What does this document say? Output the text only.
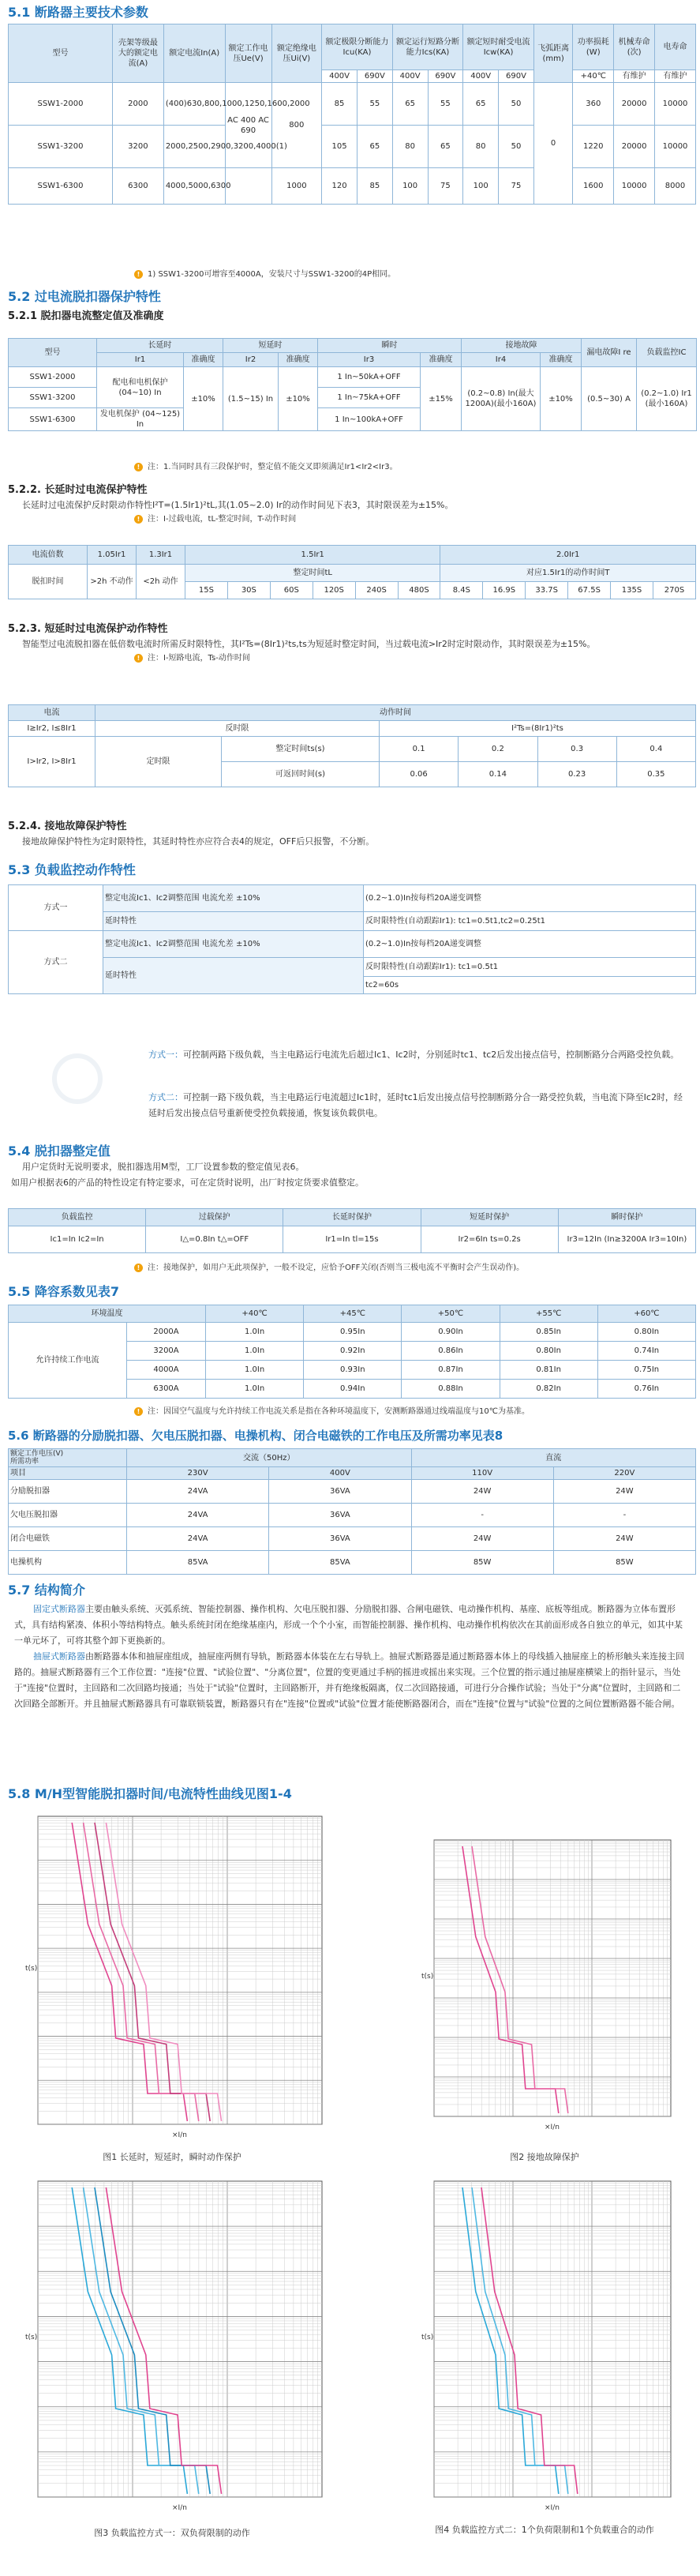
5.1 断路器主要技术参数
型号	壳架等级最大的额定电流(A)	额定电流In(A)	额定工作电压Ue(V)	额定绝缘电压Ui(V)	额定极限分断能力Icu(KA)		额定运行短路分断能力Ics(KA)		额定短时耐受电流Icw(KA)		飞弧距离(mm)	功率损耗(W)	机械寿命(次)	电寿命
					400V	690V	400V	690V	400V	690V		+40℃	有维护	有维护
SSW1-2000	2000	(400)630,800,1000,1250,1600,2000	AC 400 AC 690	800	85	55	65	55	65	50	0	360	20000	10000
SSW1-3200	3200	2000,2500,2900,3200,4000(1)			105	65	80	65	80	50		1220	20000	10000
SSW1-6300	6300	4000,5000,6300		1000	120	85	100	75	100	75		1600	10000	8000
! 1) SSW1-3200可增容至4000A，安装尺寸与SSW1-3200的4P相同。
5.2 过电流脱扣器保护特性
5.2.1 脱扣器电流整定值及准确度
型号	长延时		短延时		瞬时		接地故障		漏电故障I re	负载监控IC
	Ir1	准确度	Ir2	准确度	Ir3	准确度	Ir4	准确度		
SSW1-2000	配电和电机保护 (04~10) In	±10%	(1.5~15) In	±10%	1 In~50kA+OFF	±15%	(0.2~0.8) In(最大1200A)(最小160A)	±10%	(0.5~30) A	(0.2~1.0) Ir1 (最小160A)
SSW1-3200					1 In~75kA+OFF					
SSW1-6300	发电机保护 (04~125) In				1 In~100kA+OFF					
! 注：1.当同时具有三段保护时，整定值不能交叉即须满足Ir1<Ir2<Ir3。
5.2.2. 长延时过电流保护特性
长延时过电流保护反时限动作特性I²T=(1.5Ir1)²tL,其(1.05~2.0) Ir的动作时间见下表3，其时限误差为±15%。
! 注：I-过载电流，tL-整定时间，T-动作时间
电流倍数	1.05Ir1	1.3Ir1	1.5Ir1						2.0Ir1					
脱扣时间	>2h 不动作	<2h 动作	整定时间tL						对应1.5Ir1的动作时间T					
			15S	30S	60S	120S	240S	480S	8.4S	16.9S	33.7S	67.5S	135S	270S
5.2.3. 短延时过电流保护动作特性
智能型过电流脱扣器在低倍数电流时所需反时限特性，其I²Ts=(8Ir1)²ts,ts为短延时整定时间，当过载电流>Ir2时定时限动作，其时限误差为±15%。
! 注：I-短路电流，Ts-动作时间
电流	动作时间					
I≥Ir2, I≤8Ir1	反时限		I²Ts=(8Ir1)²ts			
I>Ir2, I>8Ir1	定时限	整定时间ts(s)	0.1	0.2	0.3	0.4
		可返回时间(s)	0.06	0.14	0.23	0.35
5.2.4. 接地故障保护特性
接地故障保护特性为定时限特性，其延时特性亦应符合表4的规定，OFF后只报警，不分断。
5.3 负载监控动作特性
方式一	整定电流Ic1、Ic2调整范围 电流允差 ±10%	(0.2~1.0)In按每档20A递变调整
	延时特性	反时限特性(自动跟踪Ir1): tc1=0.5t1,tc2=0.25t1
方式二	整定电流Ic1、Ic2调整范围 电流允差 ±10%	(0.2~1.0)In按每档20A递变调整
	延时特性	反时限特性(自动跟踪Ir1): tc1=0.5t1
		tc2=60s
方式一：可控制两路下级负载，当主电路运行电流先后超过Ic1、Ic2时，分别延时tc1、tc2后发出接点信号，控制断路分合两路受控负载。
方式二：可控制一路下级负载，当主电路运行电流超过Ic1时，延时tc1后发出接点信号控制断路分合一路受控负载，当电流下降至Ic2时，经延时后发出接点信号重新使受控负载接通，恢复该负载供电。
5.4 脱扣器整定值
用户定货时无说明要求，脱扣器选用M型，工厂设置参数的整定值见表6。
如用户根据表6的产品的特性设定有特定要求，可在定货时说明，出厂时按定货要求值整定。
负载监控	过载保护	长延时保护	短延时保护	瞬时保护
Ic1=In Ic2=In	I△=0.8In t△=OFF	Ir1=In tl=15s	Ir2=6In ts=0.2s	Ir3=12In (In≥3200A Ir3=10In)
! 注：接地保护，如用户无此项保护，一般不设定，应恰予OFF关闭(否则当三极电流不平衡时会产生误动作)。
5.5 降容系数见表7
环境温度		+40℃	+45℃	+50℃	+55℃	+60℃
允许持续工作电流	2000A	1.0In	0.95In	0.90In	0.85In	0.80In
	3200A	1.0In	0.92In	0.86In	0.80In	0.74In
	4000A	1.0In	0.93In	0.87In	0.81In	0.75In
	6300A	1.0In	0.94In	0.88In	0.82In	0.76In
! 注：因国空气温度与允许持续工作电流关系是指在各种环境温度下，安测断路器通过线端温度与10℃为基准。
5.6 断路器的分励脱扣器、欠电压脱扣器、电操机构、闭合电磁铁的工作电压及所需功率见表8
额定工作电压(V)
所需功率	交流（50Hz）		直流	
项目	230V	400V	110V	220V
分励脱扣器	24VA	36VA	24W	24W
欠电压脱扣器	24VA	36VA	-	-
闭合电磁铁	24VA	36VA	24W	24W
电操机构	85VA	85VA	85W	85W
5.7 结构简介
固定式断路器主要由触头系统、灭弧系统、智能控制器、操作机构、欠电压脱扣器、分励脱扣器、合闸电磁铁、电动操作机构、基座、底板等组成。断路器为立体布置形式，具有结构紧凑、体积小等结构特点。触头系统封闭在绝缘基座内，形成一个个小室，而智能控制器、操作机构、电动操作机构依次在其前面形成各自独立的单元，如其中某一单元坏了，可将其整个卸下更换新的。
抽屉式断路器由断路器本体和抽屉座组成，抽屉座两侧有导轨，断路器本体装在左右导轨上。抽屉式断路器是通过断路器本体上的母线插入抽屉座上的桥形触头来连接主回路的。抽屉式断路器有三个工作位置："连接"位置、"试验位置"、"分离位置"，位置的变更通过手柄的摇进或摇出来实现。三个位置的指示通过抽屉座横梁上的指针显示，当处于"连接"位置时，主回路和二次回路均接通；当处于"试验"位置时，主回路断开，并有绝缘板隔离，仅二次回路接通，可进行分合操作试验；当处于"分离"位置时，主回路和二次回路全部断开。并且抽屉式断路器具有可靠联锁装置，断路器只有在"连接"位置或"试验"位置才能使断路器闭合，而在"连接"位置与"试验"位置的之间位置断路器不能合闸。
5.8 M/H型智能脱扣器时间/电流特性曲线见图1-4
t(s)
×I/n
图1 长延时，短延时，瞬时动作保护
t(s)
×I/n
图2 接地故障保护
t(s)
×I/n
图3 负载监控方式一：双负荷限制的动作
t(s)
×I/n
图4 负载监控方式二：1个负荷限制和1个负载重合的动作
